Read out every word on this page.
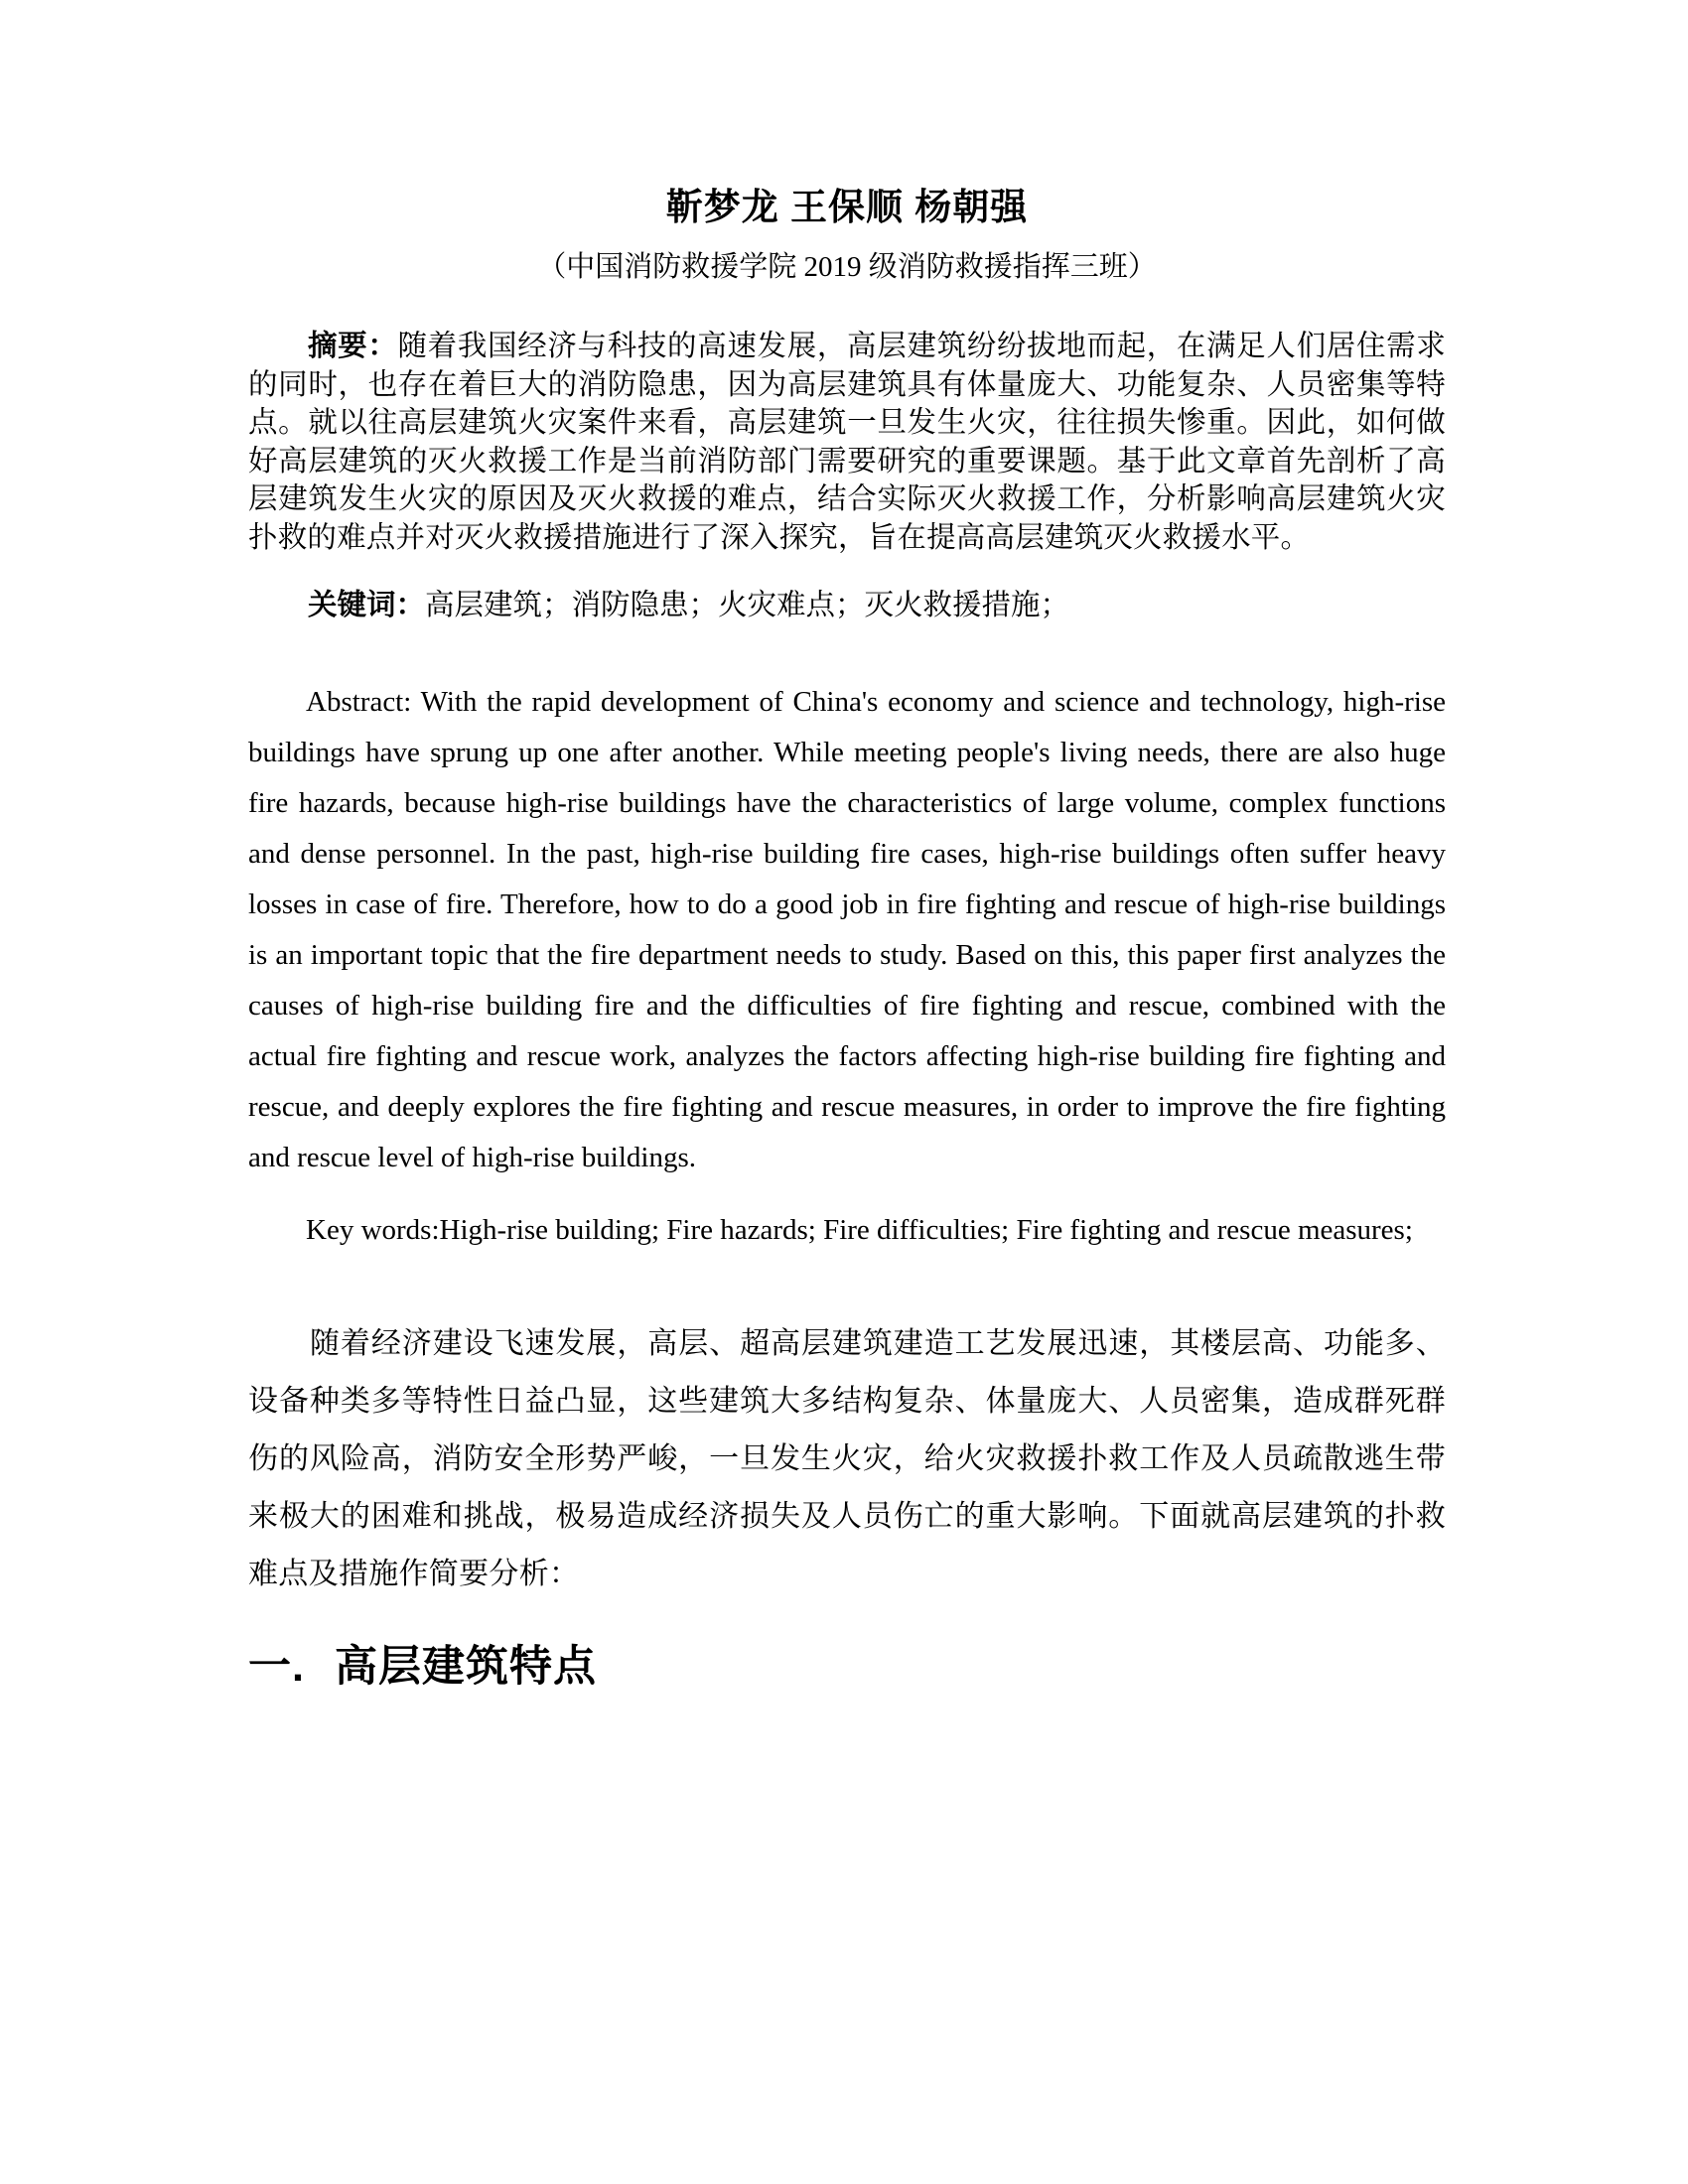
靳梦龙 王保顺 杨朝强
（中国消防救援学院 2019 级消防救援指挥三班）
摘要：随着我国经济与科技的高速发展，高层建筑纷纷拔地而起，在满足人们居住需求的同时，也存在着巨大的消防隐患，因为高层建筑具有体量庞大、功能复杂、人员密集等特点。就以往高层建筑火灾案件来看，高层建筑一旦发生火灾，往往损失惨重。因此，如何做好高层建筑的灭火救援工作是当前消防部门需要研究的重要课题。基于此文章首先剖析了高层建筑发生火灾的原因及灭火救援的难点，结合实际灭火救援工作，分析影响高层建筑火灾扑救的难点并对灭火救援措施进行了深入探究，旨在提高高层建筑灭火救援水平。
关键词：高层建筑；消防隐患；火灾难点；灭火救援措施；
Abstract: With the rapid development of China's economy and science and technology, high-rise buildings have sprung up one after another. While meeting people's living needs, there are also huge fire hazards, because high-rise buildings have the characteristics of large volume, complex functions and dense personnel. In the past, high-rise building fire cases, high-rise buildings often suffer heavy losses in case of fire. Therefore, how to do a good job in fire fighting and rescue of high-rise buildings is an important topic that the fire department needs to study. Based on this, this paper first analyzes the causes of high-rise building fire and the difficulties of fire fighting and rescue, combined with the actual fire fighting and rescue work, analyzes the factors affecting high-rise building fire fighting and rescue, and deeply explores the fire fighting and rescue measures, in order to improve the fire fighting and rescue level of high-rise buildings.
Key words:High-rise building; Fire hazards; Fire difficulties; Fire fighting and rescue measures;
随着经济建设飞速发展，高层、超高层建筑建造工艺发展迅速，其楼层高、功能多、设备种类多等特性日益凸显，这些建筑大多结构复杂、体量庞大、人员密集，造成群死群伤的风险高，消防安全形势严峻，一旦发生火灾，给火灾救援扑救工作及人员疏散逃生带来极大的困难和挑战，极易造成经济损失及人员伤亡的重大影响。下面就高层建筑的扑救难点及措施作简要分析：
一. 高层建筑特点
